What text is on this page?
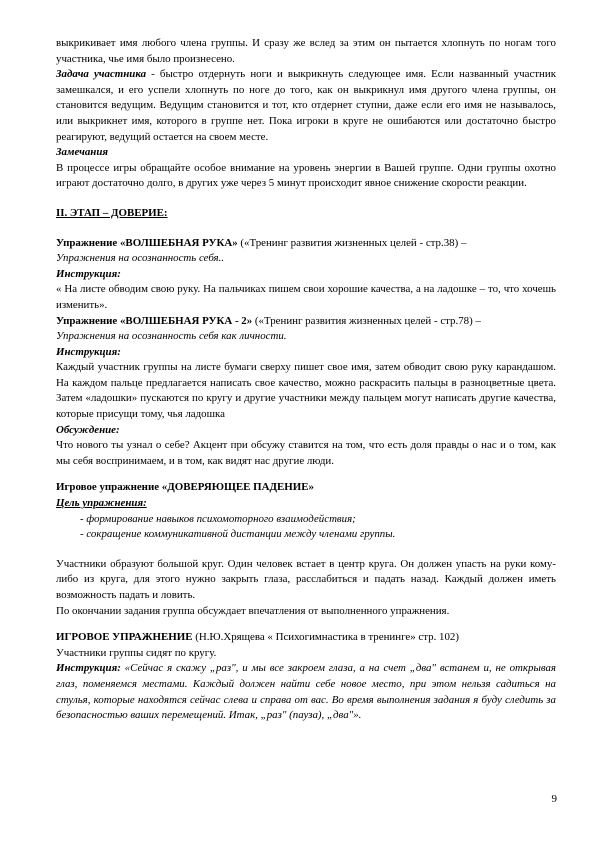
выкрикивает имя любого члена группы. И сразу же вслед за этим он пытается хлопнуть по ногам того участника, чье имя было произнесено.

Задача участника - быстро отдернуть ноги и выкрикнуть следующее имя. Если названный участник замешкался, и его успели хлопнуть по ноге до того, как он выкрикнул имя другого члена группы, он становится ведущим. Ведущим становится и тот, кто отдернет ступни, даже если его имя не называлось, или выкрикнет имя, которого в группе нет. Пока игроки в круге не ошибаются или достаточно быстро реагируют, ведущий остается на своем месте.

Замечания

В процессе игры обращайте особое внимание на уровень энергии в Вашей группе. Одни группы охотно играют достаточно долго, в других уже через 5 минут происходит явное снижение скорости реакции.

II. ЭТАП – ДОВЕРИЕ:

Упражнение «ВОЛШЕБНАЯ РУКА» («Тренинг развития жизненных целей - стр.38) –

Упражнения на осознанность себя..

Инструкция:

« На листе обводим свою руку. На пальчиках пишем свои хорошие качества, а на ладошке – то, что хочешь изменить».

Упражнение «ВОЛШЕБНАЯ РУКА - 2» («Тренинг развития жизненных целей - стр.78) –

Упражнения на осознанность себя как личности.

Инструкция:

Каждый участник группы на листе бумаги сверху пишет свое имя, затем обводит свою руку карандашом. На каждом пальце предлагается написать свое качество, можно раскрасить пальцы в разноцветные цвета. Затем «ладошки» пускаются по кругу и другие участники между пальцем могут написать другие качества, которые присущи тому, чья ладошка

Обсуждение:

Что нового ты узнал о себе? Акцент при обсужу ставится на том, что есть доля правды о нас и о том, как мы себя воспринимаем, и в том, как видят нас другие люди.

Игровое упражнение «ДОВЕРЯЮЩЕЕ ПАДЕНИЕ»

Цель упражнения:

- формирование навыков психомоторного взаимодействия;
- сокращение коммуникативной дистанции между членами группы.

Участники образуют большой круг. Один человек встает в центр круга. Он должен упасть на руки кому-либо из круга, для этого нужно закрыть глаза, расслабиться и падать назад. Каждый должен иметь возможность падать и ловить.

По окончании задания группа обсуждает впечатления от выполненного упражнения.

ИГРОВОЕ УПРАЖНЕНИЕ (Н.Ю.Хрящева « Психогимнастика в тренинге» стр. 102)

Участники группы сидят по кругу.

Инструкция: «Сейчас я скажу „раз", и мы все закроем глаза, а на счет „два" встанем и, не открывая глаз, поменяемся местами. Каждый должен найти себе новое место, при этом нельзя садиться на стулья, которые находятся сейчас слева и справа от вас. Во время выполнения задания я буду следить за безопасностью ваших перемещений. Итак, „раз" (пауза), „два"».

9
